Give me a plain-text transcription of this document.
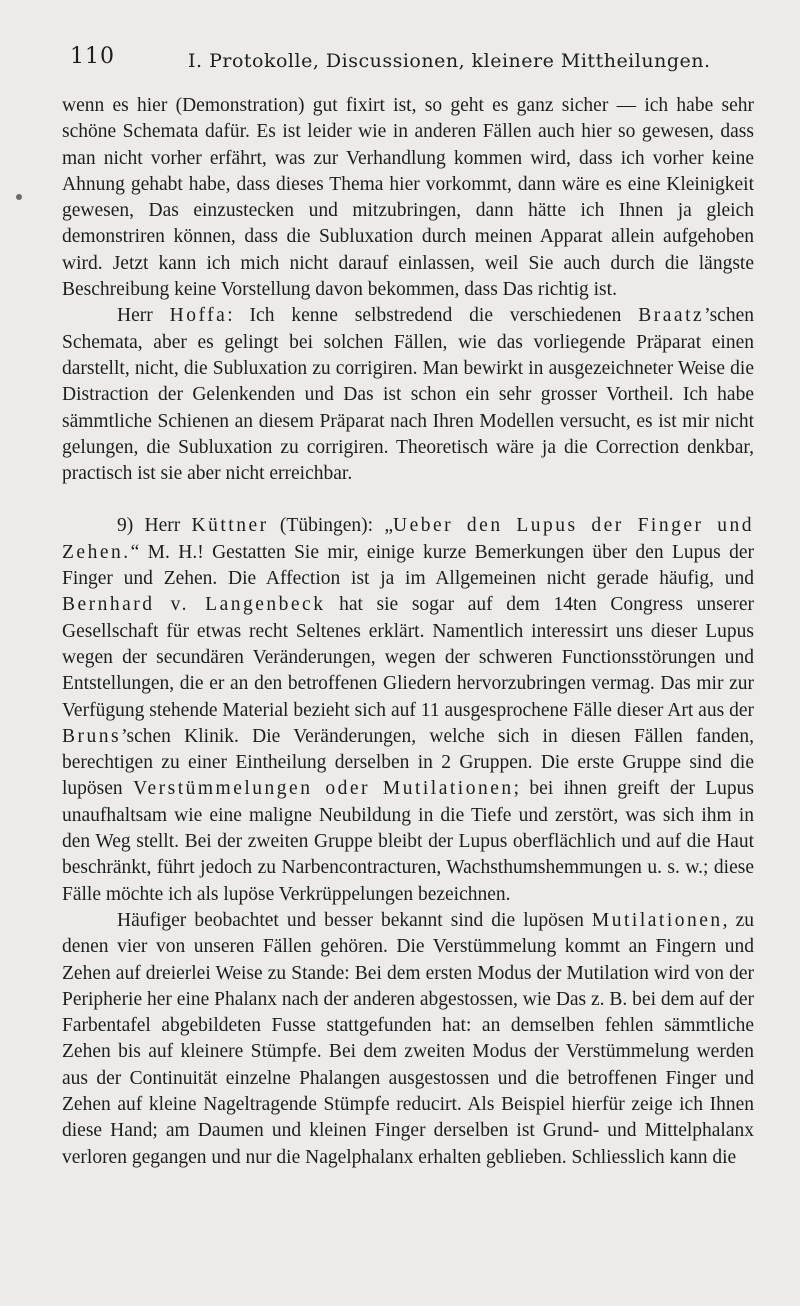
110	I. Protokolle, Discussionen, kleinere Mittheilungen.

wenn es hier (Demonstration) gut fixirt ist, so geht es ganz sicher — ich habe sehr schöne Schemata dafür. Es ist leider wie in anderen Fällen auch hier so gewesen, dass man nicht vorher erfährt, was zur Verhandlung kommen wird, dass ich vorher keine Ahnung gehabt habe, dass dieses Thema hier vorkommt, dann wäre es eine Kleinigkeit gewesen, Das einzustecken und mitzubringen, dann hätte ich Ihnen ja gleich demonstriren können, dass die Subluxation durch meinen Apparat allein aufgehoben wird. Jetzt kann ich mich nicht darauf einlassen, weil Sie auch durch die längste Beschreibung keine Vorstellung davon bekommen, dass Das richtig ist.

Herr Hoffa: Ich kenne selbstredend die verschiedenen Braatz’schen Schemata, aber es gelingt bei solchen Fällen, wie das vorliegende Präparat einen darstellt, nicht, die Subluxation zu corrigiren. Man bewirkt in ausgezeichneter Weise die Distraction der Gelenkenden und Das ist schon ein sehr grosser Vortheil. Ich habe sämmtliche Schienen an diesem Präparat nach Ihren Modellen versucht, es ist mir nicht gelungen, die Subluxation zu corrigiren. Theoretisch wäre ja die Correction denkbar, practisch ist sie aber nicht erreichbar.

9) Herr Küttner (Tübingen): „Ueber den Lupus der Finger und Zehen.“ M. H.! Gestatten Sie mir, einige kurze Bemerkungen über den Lupus der Finger und Zehen. Die Affection ist ja im Allgemeinen nicht gerade häufig, und Bernhard v. Langenbeck hat sie sogar auf dem 14ten Congress unserer Gesellschaft für etwas recht Seltenes erklärt. Namentlich interessirt uns dieser Lupus wegen der secundären Veränderungen, wegen der schweren Functionsstörungen und Entstellungen, die er an den betroffenen Gliedern hervorzubringen vermag. Das mir zur Verfügung stehende Material bezieht sich auf 11 ausgesprochene Fälle dieser Art aus der Bruns’schen Klinik. Die Veränderungen, welche sich in diesen Fällen fanden, berechtigen zu einer Eintheilung derselben in 2 Gruppen. Die erste Gruppe sind die lupösen Verstümmelungen oder Mutilationen; bei ihnen greift der Lupus unaufhaltsam wie eine maligne Neubildung in die Tiefe und zerstört, was sich ihm in den Weg stellt. Bei der zweiten Gruppe bleibt der Lupus oberflächlich und auf die Haut beschränkt, führt jedoch zu Narbencontracturen, Wachsthumshemmungen u. s. w.; diese Fälle möchte ich als lupöse Verkrüppelungen bezeichnen.

Häufiger beobachtet und besser bekannt sind die lupösen Mutilationen, zu denen vier von unseren Fällen gehören. Die Verstümmelung kommt an Fingern und Zehen auf dreierlei Weise zu Stande: Bei dem ersten Modus der Mutilation wird von der Peripherie her eine Phalanx nach der anderen abgestossen, wie Das z. B. bei dem auf der Farbentafel abgebildeten Fusse stattgefunden hat: an demselben fehlen sämmtliche Zehen bis auf kleinere Stümpfe. Bei dem zweiten Modus der Verstümmelung werden aus der Continuität einzelne Phalangen ausgestossen und die betroffenen Finger und Zehen auf kleine Nageltragende Stümpfe reducirt. Als Beispiel hierfür zeige ich Ihnen diese Hand; am Daumen und kleinen Finger derselben ist Grund- und Mittelphalanx verloren gegangen und nur die Nagelphalanx erhalten geblieben. Schliesslich kann die
